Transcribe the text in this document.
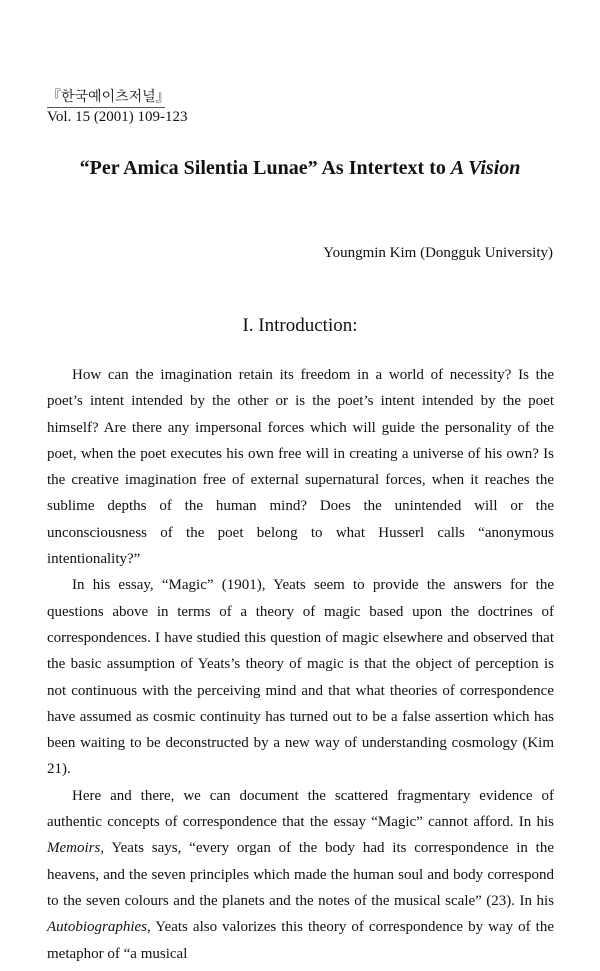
『한국예이츠저널』
Vol. 15 (2001) 109-123
“Per Amica Silentia Lunae” As Intertext to A Vision
Youngmin Kim (Dongguk University)
I. Introduction:

How can the imagination retain its freedom in a world of necessity? Is the poet’s intent intended by the other or is the poet’s intent intended by the poet himself? Are there any impersonal forces which will guide the personality of the poet, when the poet executes his own free will in creating a universe of his own? Is the creative imagination free of external supernatural forces, when it reaches the sublime depths of the human mind? Does the unintended will or the unconsciousness of the poet belong to what Husserl calls “anonymous intentionality?”

In his essay, “Magic” (1901), Yeats seem to provide the answers for the questions above in terms of a theory of magic based upon the doctrines of correspondences. I have studied this question of magic elsewhere and observed that the basic assumption of Yeats’s theory of magic is that the object of perception is not continuous with the perceiving mind and that what theories of correspondence have assumed as cosmic continuity has turned out to be a false assertion which has been waiting to be deconstructed by a new way of understanding cosmology (Kim 21).

Here and there, we can document the scattered fragmentary evidence of authentic concepts of correspondence that the essay “Magic” cannot afford. In his Memoirs, Yeats says, “every organ of the body had its correspondence in the heavens, and the seven principles which made the human soul and body correspond to the seven colours and the planets and the notes of the musical scale” (23). In his Autobiographies, Yeats also valorizes this theory of correspondence by way of the metaphor of “a musical
